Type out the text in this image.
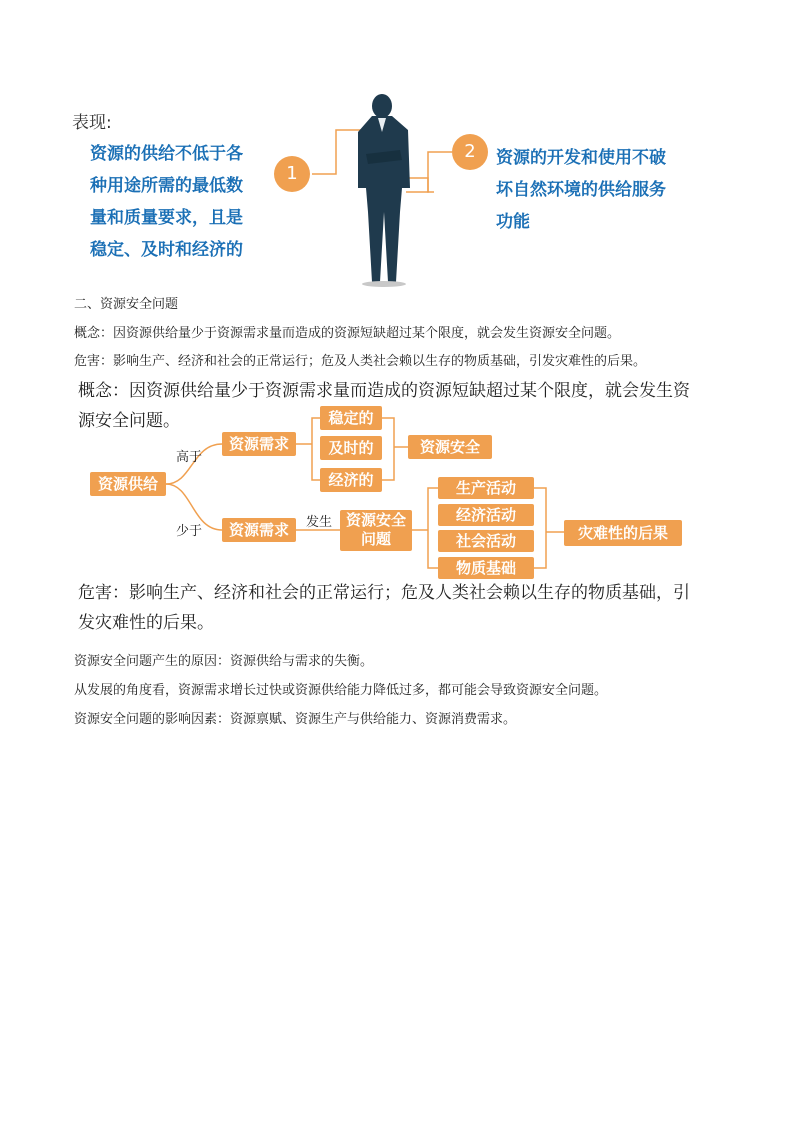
表现:
资源的供给不低于各
种用途所需的最低数
量和质量要求，且是
稳定、及时和经济的
1
2	资源的开发和使用不破
坏自然环境的供给服务
功能
二、资源安全问题
概念：因资源供给量少于资源需求量而造成的资源短缺超过某个限度，就会发生资源安全问题。
危害：影响生产、经济和社会的正常运行；危及人类社会赖以生存的物质基础，引发灾难性的后果。
概念：因资源供给量少于资源需求量而造成的资源短缺超过某个限度，就会发生资
源安全问题。
高于
少于
发生
资源供给
资源需求
资源需求
稳定的
及时的
经济的
资源安全
资源安全
问题
生产活动
经济活动
社会活动
物质基础
灾难性的后果
危害：影响生产、经济和社会的正常运行；危及人类社会赖以生存的物质基础，引
发灾难性的后果。
资源安全问题产生的原因：资源供给与需求的失衡。
从发展的角度看，资源需求增长过快或资源供给能力降低过多，都可能会导致资源安全问题。
资源安全问题的影响因素：资源禀赋、资源生产与供给能力、资源消费需求。
